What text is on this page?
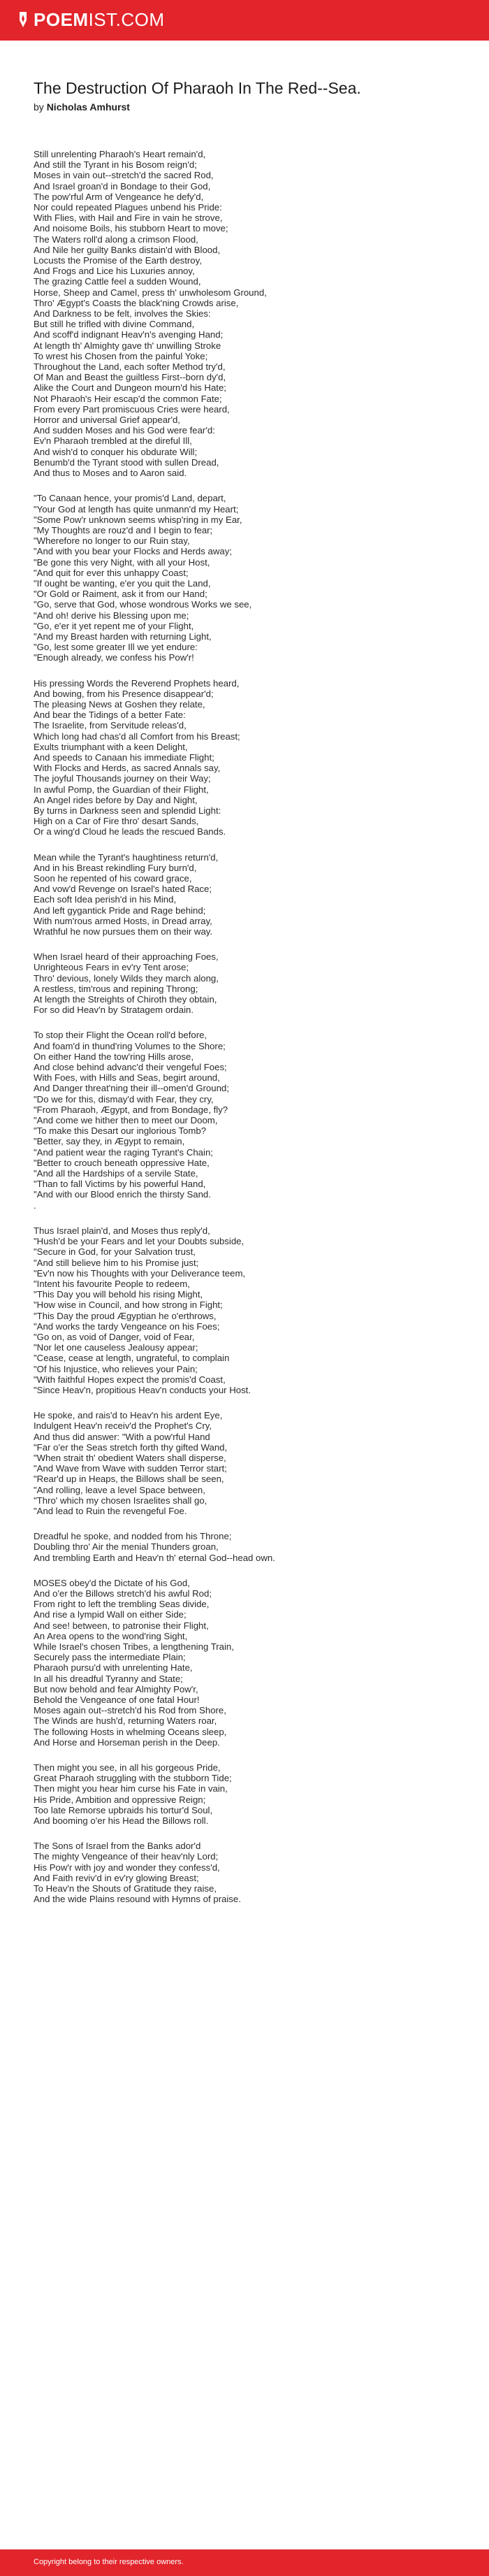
POEMIST.COM
The Destruction Of Pharaoh In The Red--Sea.
by Nicholas Amhurst
Still unrelenting Pharaoh's Heart remain'd,
And still the Tyrant in his Bosom reign'd;
Moses in vain out--stretch'd the sacred Rod,
And Israel groan'd in Bondage to their God,
The pow'rful Arm of Vengeance he defy'd,
Nor could repeated Plagues unbend his Pride:
With Flies, with Hail and Fire in vain he strove,
And noisome Boils, his stubborn Heart to move;
The Waters roll'd along a crimson Flood,
And Nile her guilty Banks distain'd with Blood,
Locusts the Promise of the Earth destroy,
And Frogs and Lice his Luxuries annoy,
The grazing Cattle feel a sudden Wound,
Horse, Sheep and Camel, press th' unwholesom Ground,
Thro' Ægypt's Coasts the black'ning Crowds arise,
And Darkness to be felt, involves the Skies:
But still he trifled with divine Command,
And scoff'd indignant Heav'n's avenging Hand;
At length th' Almighty gave th' unwilling Stroke
To wrest his Chosen from the painful Yoke;
Throughout the Land, each softer Method try'd,
Of Man and Beast the guiltless First--born dy'd,
Alike the Court and Dungeon mourn'd his Hate;
Not Pharaoh's Heir escap'd the common Fate;
From every Part promiscuous Cries were heard,
Horror and universal Grief appear'd,
And sudden Moses and his God were fear'd:
Ev'n Pharaoh trembled at the direful Ill,
And wish'd to conquer his obdurate Will;
Benumb'd the Tyrant stood with sullen Dread,
And thus to Moses and to Aaron said.
"To Canaan hence, your promis'd Land, depart,
"Your God at length has quite unmann'd my Heart;
"Some Pow'r unknown seems whisp'ring in my Ear,
"My Thoughts are rouz'd and I begin to fear;
"Wherefore no longer to our Ruin stay,
"And with you bear your Flocks and Herds away;
"Be gone this very Night, with all your Host,
"And quit for ever this unhappy Coast;
"If ought be wanting, e'er you quit the Land,
"Or Gold or Raiment, ask it from our Hand;
"Go, serve that God, whose wondrous Works we see,
"And oh! derive his Blessing upon me;
"Go, e'er it yet repent me of your Flight,
"And my Breast harden with returning Light,
"Go, lest some greater Ill we yet endure:
"Enough already, we confess his Pow'r!
His pressing Words the Reverend Prophets heard,
And bowing, from his Presence disappear'd;
The pleasing News at Goshen they relate,
And bear the Tidings of a better Fate:
The Israelite, from Servitude releas'd,
Which long had chas'd all Comfort from his Breast;
Exults triumphant with a keen Delight,
And speeds to Canaan his immediate Flight;
With Flocks and Herds, as sacred Annals say,
The joyful Thousands journey on their Way;
In awful Pomp, the Guardian of their Flight,
An Angel rides before by Day and Night,
By turns in Darkness seen and splendid Light:
High on a Car of Fire thro' desart Sands,
Or a wing'd Cloud he leads the rescued Bands.
Mean while the Tyrant's haughtiness return'd,
And in his Breast rekindling Fury burn'd,
Soon he repented of his coward grace,
And vow'd Revenge on Israel's hated Race;
Each soft Idea perish'd in his Mind,
And left gygantick Pride and Rage behind;
With num'rous armed Hosts, in Dread array,
Wrathful he now pursues them on their way.
When Israel heard of their approaching Foes,
Unrighteous Fears in ev'ry Tent arose;
Thro' devious, lonely Wilds they march along,
A restless, tim'rous and repining Throng;
At length the Streights of Chiroth they obtain,
For so did Heav'n by Stratagem ordain.
To stop their Flight the Ocean roll'd before,
And foam'd in thund'ring Volumes to the Shore;
On either Hand the tow'ring Hills arose,
And close behind advanc'd their vengeful Foes;
With Foes, with Hills and Seas, begirt around,
And Danger threat'ning their ill--omen'd Ground;
"Do we for this, dismay'd with Fear, they cry,
"From Pharaoh, Ægypt, and from Bondage, fly?
"And come we hither then to meet our Doom,
"To make this Desart our inglorious Tomb?
"Better, say they, in Ægypt to remain,
"And patient wear the raging Tyrant's Chain;
"Better to crouch beneath oppressive Hate,
"And all the Hardships of a servile State,
"Than to fall Victims by his powerful Hand,
"And with our Blood enrich the thirsty Sand.
.
Thus Israel plain'd, and Moses thus reply'd,
"Hush'd be your Fears and let your Doubts subside,
"Secure in God, for your Salvation trust,
"And still believe him to his Promise just;
"Ev'n now his Thoughts with your Deliverance teem,
"Intent his favourite People to redeem,
"This Day you will behold his rising Might,
"How wise in Council, and how strong in Fight;
"This Day the proud Ægyptian he o'erthrows,
"And works the tardy Vengeance on his Foes;
"Go on, as void of Danger, void of Fear,
"Nor let one causeless Jealousy appear;
"Cease, cease at length, ungrateful, to complain
"Of his Injustice, who relieves your Pain;
"With faithful Hopes expect the promis'd Coast,
"Since Heav'n, propitious Heav'n conducts your Host.
He spoke, and rais'd to Heav'n his ardent Eye,
Indulgent Heav'n receiv'd the Prophet's Cry,
And thus did answer: "With a pow'rful Hand
"Far o'er the Seas stretch forth thy gifted Wand,
"When strait th' obedient Waters shall disperse,
"And Wave from Wave with sudden Terror start;
"Rear'd up in Heaps, the Billows shall be seen,
"And rolling, leave a level Space between,
"Thro' which my chosen Israelites shall go,
"And lead to Ruin the revengeful Foe.
Dreadful he spoke, and nodded from his Throne;
Doubling thro' Air the menial Thunders groan,
And trembling Earth and Heav'n th' eternal God--head own.
MOSES obey'd the Dictate of his God,
And o'er the Billows stretch'd his awful Rod;
From right to left the trembling Seas divide,
And rise a lympid Wall on either Side;
And see! between, to patronise their Flight,
An Area opens to the wond'ring Sight,
While Israel's chosen Tribes, a lengthening Train,
Securely pass the intermediate Plain;
Pharaoh pursu'd with unrelenting Hate,
In all his dreadful Tyranny and State;
But now behold and fear Almighty Pow'r,
Behold the Vengeance of one fatal Hour!
Moses again out--stretch'd his Rod from Shore,
The Winds are hush'd, returning Waters roar,
The following Hosts in whelming Oceans sleep,
And Horse and Horseman perish in the Deep.
Then might you see, in all his gorgeous Pride,
Great Pharaoh struggling with the stubborn Tide;
Then might you hear him curse his Fate in vain,
His Pride, Ambition and oppressive Reign;
Too late Remorse upbraids his tortur'd Soul,
And booming o'er his Head the Billows roll.
The Sons of Israel from the Banks ador'd
The mighty Vengeance of their heav'nly Lord;
His Pow'r with joy and wonder they confess'd,
And Faith reviv'd in ev'ry glowing Breast;
To Heav'n the Shouts of Gratitude they raise,
And the wide Plains resound with Hymns of praise.
Copyright belong to their respective owners.
